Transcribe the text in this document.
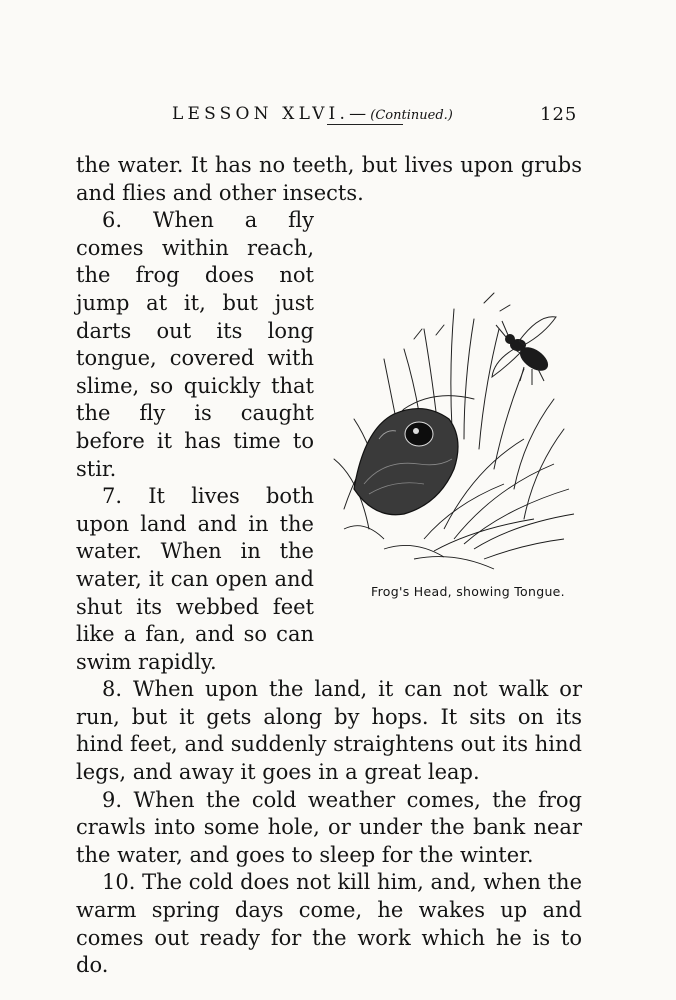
LESSON XLVI.—(Continued.)	125

the water. It has no teeth, but lives upon grubs and flies and other insects.

Frog's Head, showing Tongue.
6. When a fly comes within reach, the frog does not jump at it, but just darts out its long tongue, covered with slime, so quickly that the fly is caught before it has time to stir.

7. It lives both upon land and in the water. When in the water, it can open and shut its webbed feet like a fan, and so can swim rapidly.

8. When upon the land, it can not walk or run, but it gets along by hops. It sits on its hind feet, and suddenly straightens out its hind legs, and away it goes in a great leap.

9. When the cold weather comes, the frog crawls into some hole, or under the bank near the water, and goes to sleep for the winter.

10. The cold does not kill him, and, when the warm spring days come, he wakes up and comes out ready for the work which he is to do.
